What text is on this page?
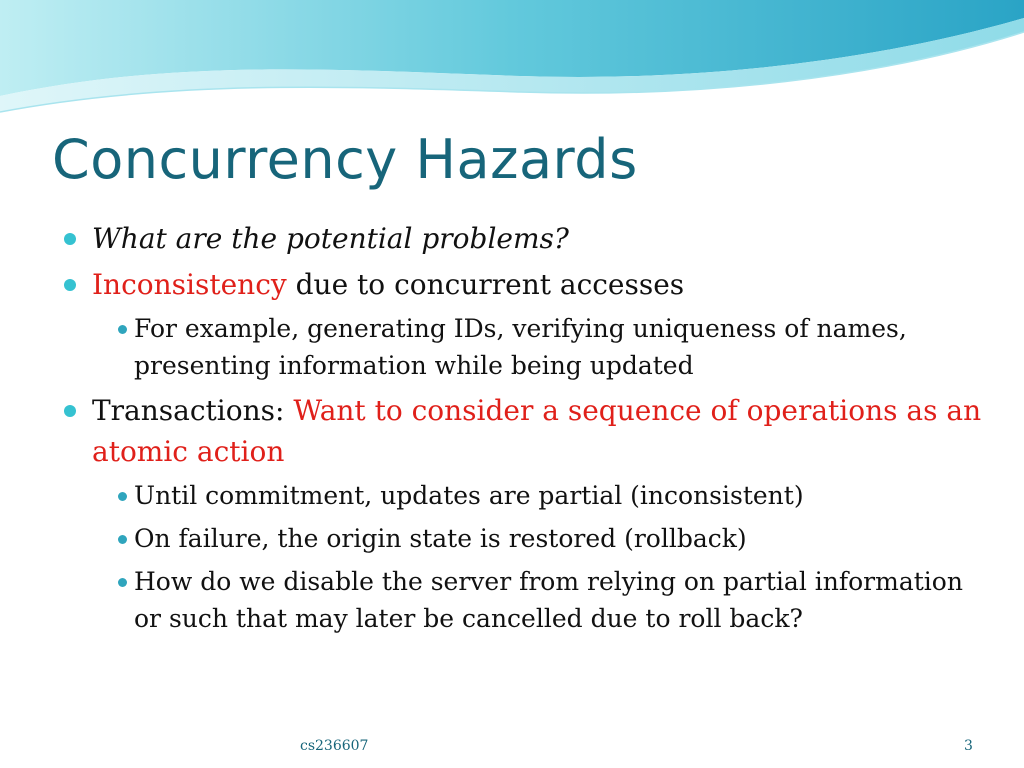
Concurrency Hazards
What are the potential problems?
Inconsistency due to concurrent accesses
For example, generating IDs, verifying uniqueness of names, presenting information while being updated
Transactions: Want to consider a sequence of operations as an atomic action
Until commitment, updates are partial (inconsistent)
On failure, the origin state is restored (rollback)
How do we disable the server from relying on partial information or such that may later be cancelled due to roll back?
cs236607	3
